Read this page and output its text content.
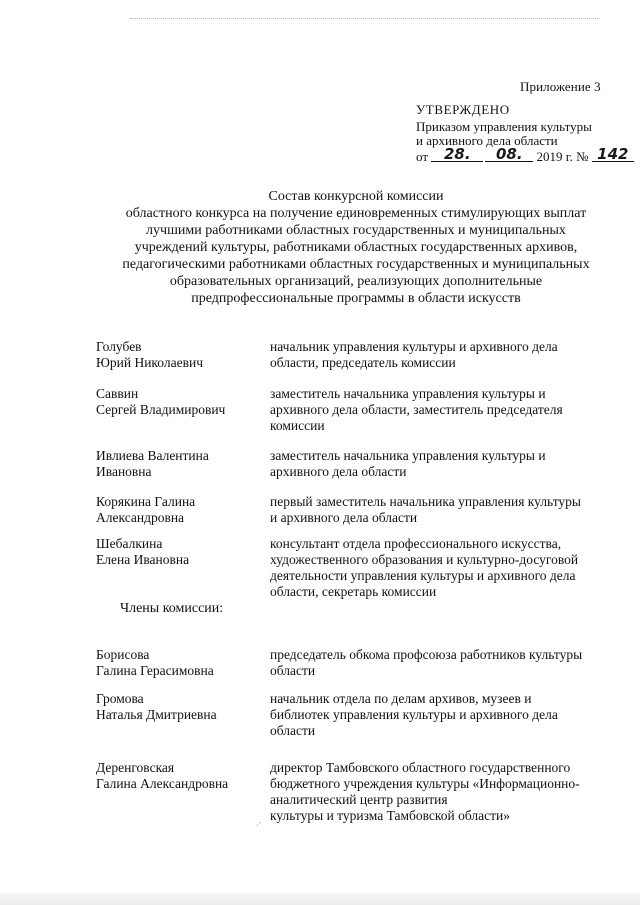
Приложение 3
УТВЕРЖДЕНО
Приказом управления культуры
и архивного дела области
от 28. 08. 2019 г. № 142
Состав конкурсной комиссии
областного конкурса на получение единовременных стимулирующих выплат
лучшими работниками областных государственных и муниципальных
учреждений культуры, работниками областных государственных архивов,
педагогическими работниками областных государственных и муниципальных
образовательных организаций, реализующих дополнительные
предпрофессиональные программы в области искусств
Голубев
Юрий Николаевич
начальник управления культуры и архивного дела
области, председатель комиссии
Саввин
Сергей Владимирович
заместитель начальника управления культуры и
архивного дела области, заместитель председателя
комиссии
Ивлиева Валентина
Ивановна
заместитель начальника управления культуры и
архивного дела области
Корякина Галина
Александровна
первый заместитель начальника управления культуры
и архивного дела области
Шебалкина
Елена Ивановна
консультант отдела профессионального искусства,
художественного образования и культурно-досуговой
деятельности управления культуры и архивного дела
области, секретарь комиссии
Члены комиссии:
Борисова
Галина Герасимовна
председатель обкома профсоюза работников культуры
области
Громова
Наталья Дмитриевна
начальник отдела по делам архивов, музеев и
библиотек управления культуры и архивного дела
области
Деренговская
Галина Александровна
директор Тамбовского областного государственного
бюджетного учреждения культуры «Информационно-
аналитический центр развития
культуры и туризма Тамбовской области»
·´
